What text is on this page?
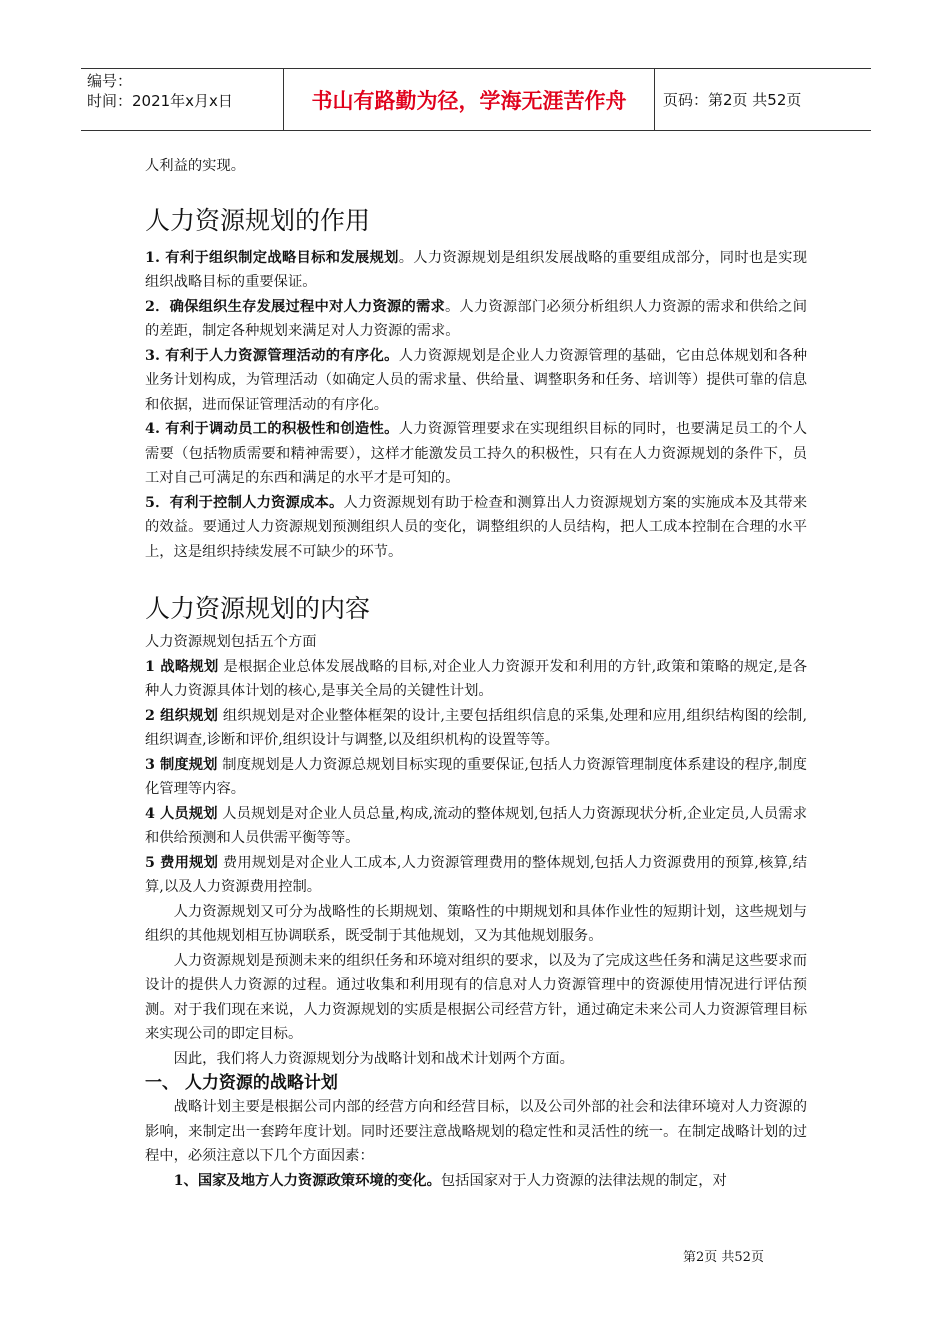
编号：
时间：2021年x月x日	书山有路勤为径，学海无涯苦作舟	页码：第2页 共52页

人利益的实现。

人力资源规划的作用

1. 有利于组织制定战略目标和发展规划。人力资源规划是组织发展战略的重要组成部分，同时也是实现组织战略目标的重要保证。

2．确保组织生存发展过程中对人力资源的需求。人力资源部门必须分析组织人力资源的需求和供给之间的差距，制定各种规划来满足对人力资源的需求。

3. 有利于人力资源管理活动的有序化。人力资源规划是企业人力资源管理的基础，它由总体规划和各种业务计划构成，为管理活动（如确定人员的需求量、供给量、调整职务和任务、培训等）提供可靠的信息和依据，进而保证管理活动的有序化。

4. 有利于调动员工的积极性和创造性。人力资源管理要求在实现组织目标的同时，也要满足员工的个人需要（包括物质需要和精神需要），这样才能激发员工持久的积极性，只有在人力资源规划的条件下，员工对自己可满足的东西和满足的水平才是可知的。

5．有利于控制人力资源成本。人力资源规划有助于检查和测算出人力资源规划方案的实施成本及其带来的效益。要通过人力资源规划预测组织人员的变化，调整组织的人员结构，把人工成本控制在合理的水平上，这是组织持续发展不可缺少的环节。

人力资源规划的内容

人力资源规划包括五个方面

1 战略规划 是根据企业总体发展战略的目标,对企业人力资源开发和利用的方针,政策和策略的规定,是各种人力资源具体计划的核心,是事关全局的关键性计划。

2 组织规划 组织规划是对企业整体框架的设计,主要包括组织信息的采集,处理和应用,组织结构图的绘制,组织调查,诊断和评价,组织设计与调整,以及组织机构的设置等等。

3 制度规划 制度规划是人力资源总规划目标实现的重要保证,包括人力资源管理制度体系建设的程序,制度化管理等内容。

4 人员规划 人员规划是对企业人员总量,构成,流动的整体规划,包括人力资源现状分析,企业定员,人员需求和供给预测和人员供需平衡等等。

5 费用规划 费用规划是对企业人工成本,人力资源管理费用的整体规划,包括人力资源费用的预算,核算,结算,以及人力资源费用控制。

人力资源规划又可分为战略性的长期规划、策略性的中期规划和具体作业性的短期计划，这些规划与组织的其他规划相互协调联系，既受制于其他规划，又为其他规划服务。

人力资源规划是预测未来的组织任务和环境对组织的要求，以及为了完成这些任务和满足这些要求而设计的提供人力资源的过程。通过收集和利用现有的信息对人力资源管理中的资源使用情况进行评估预测。对于我们现在来说，人力资源规划的实质是根据公司经营方针，通过确定未来公司人力资源管理目标来实现公司的即定目标。

因此，我们将人力资源规划分为战略计划和战术计划两个方面。

一、 人力资源的战略计划

战略计划主要是根据公司内部的经营方向和经营目标，以及公司外部的社会和法律环境对人力资源的影响，来制定出一套跨年度计划。同时还要注意战略规划的稳定性和灵活性的统一。在制定战略计划的过程中，必须注意以下几个方面因素：

1、国家及地方人力资源政策环境的变化。包括国家对于人力资源的法律法规的制定，对

第2页 共52页
